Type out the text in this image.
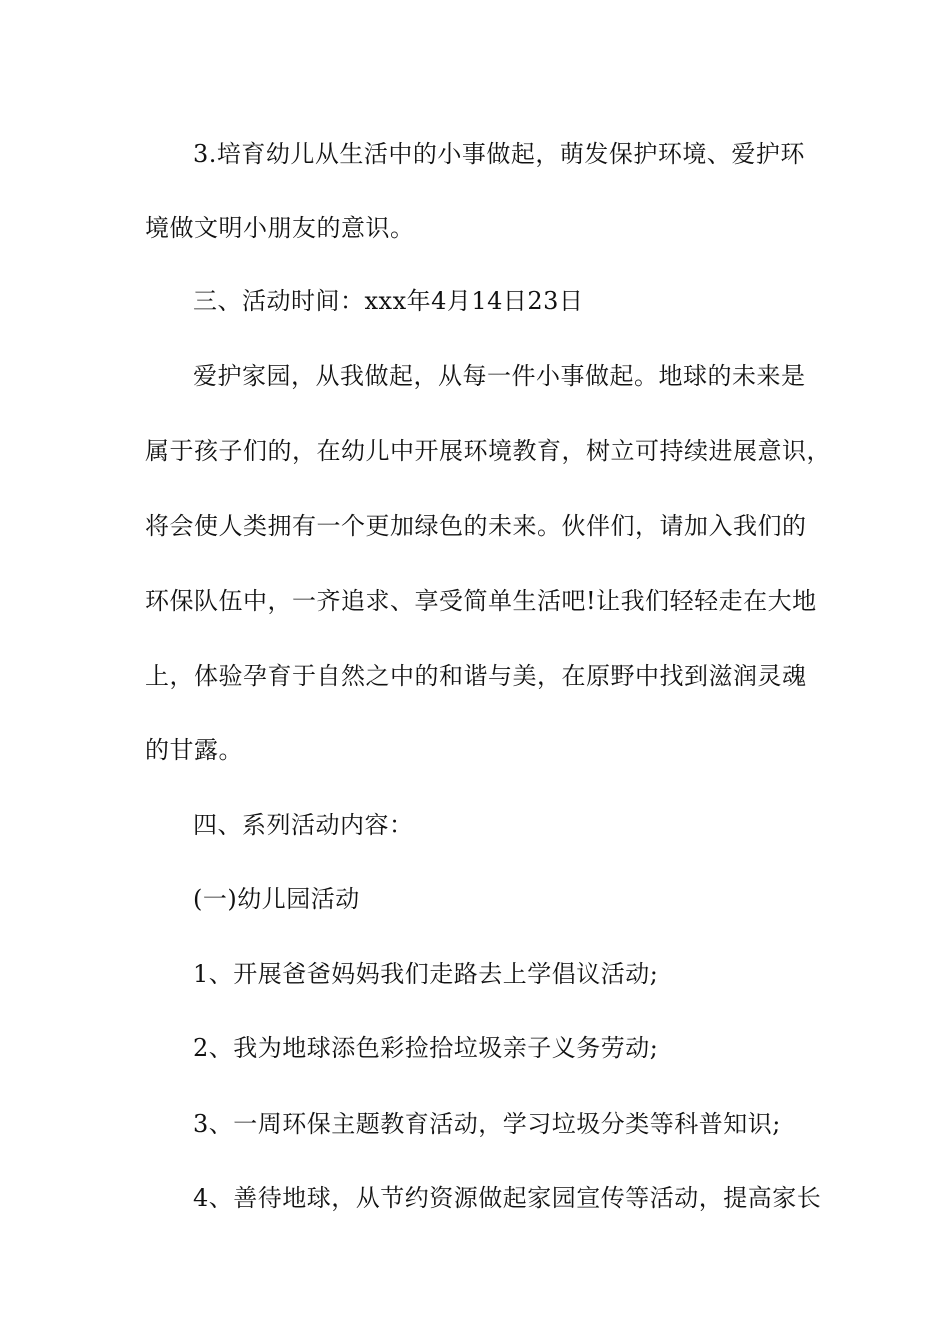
3.培育幼儿从生活中的小事做起，萌发保护环境、爱护环
境做文明小朋友的意识。
三、活动时间：xxx年4月14日23日
爱护家园，从我做起，从每一件小事做起。地球的未来是
属于孩子们的，在幼儿中开展环境教育，树立可持续进展意识，
将会使人类拥有一个更加绿色的未来。伙伴们，请加入我们的
环保队伍中，一齐追求、享受简单生活吧!让我们轻轻走在大地
上，体验孕育于自然之中的和谐与美，在原野中找到滋润灵魂
的甘露。
四、系列活动内容：
(一)幼儿园活动
1、开展爸爸妈妈我们走路去上学倡议活动;
2、我为地球添色彩捡拾垃圾亲子义务劳动;
3、一周环保主题教育活动，学习垃圾分类等科普知识;
4、善待地球，从节约资源做起家园宣传等活动，提高家长
